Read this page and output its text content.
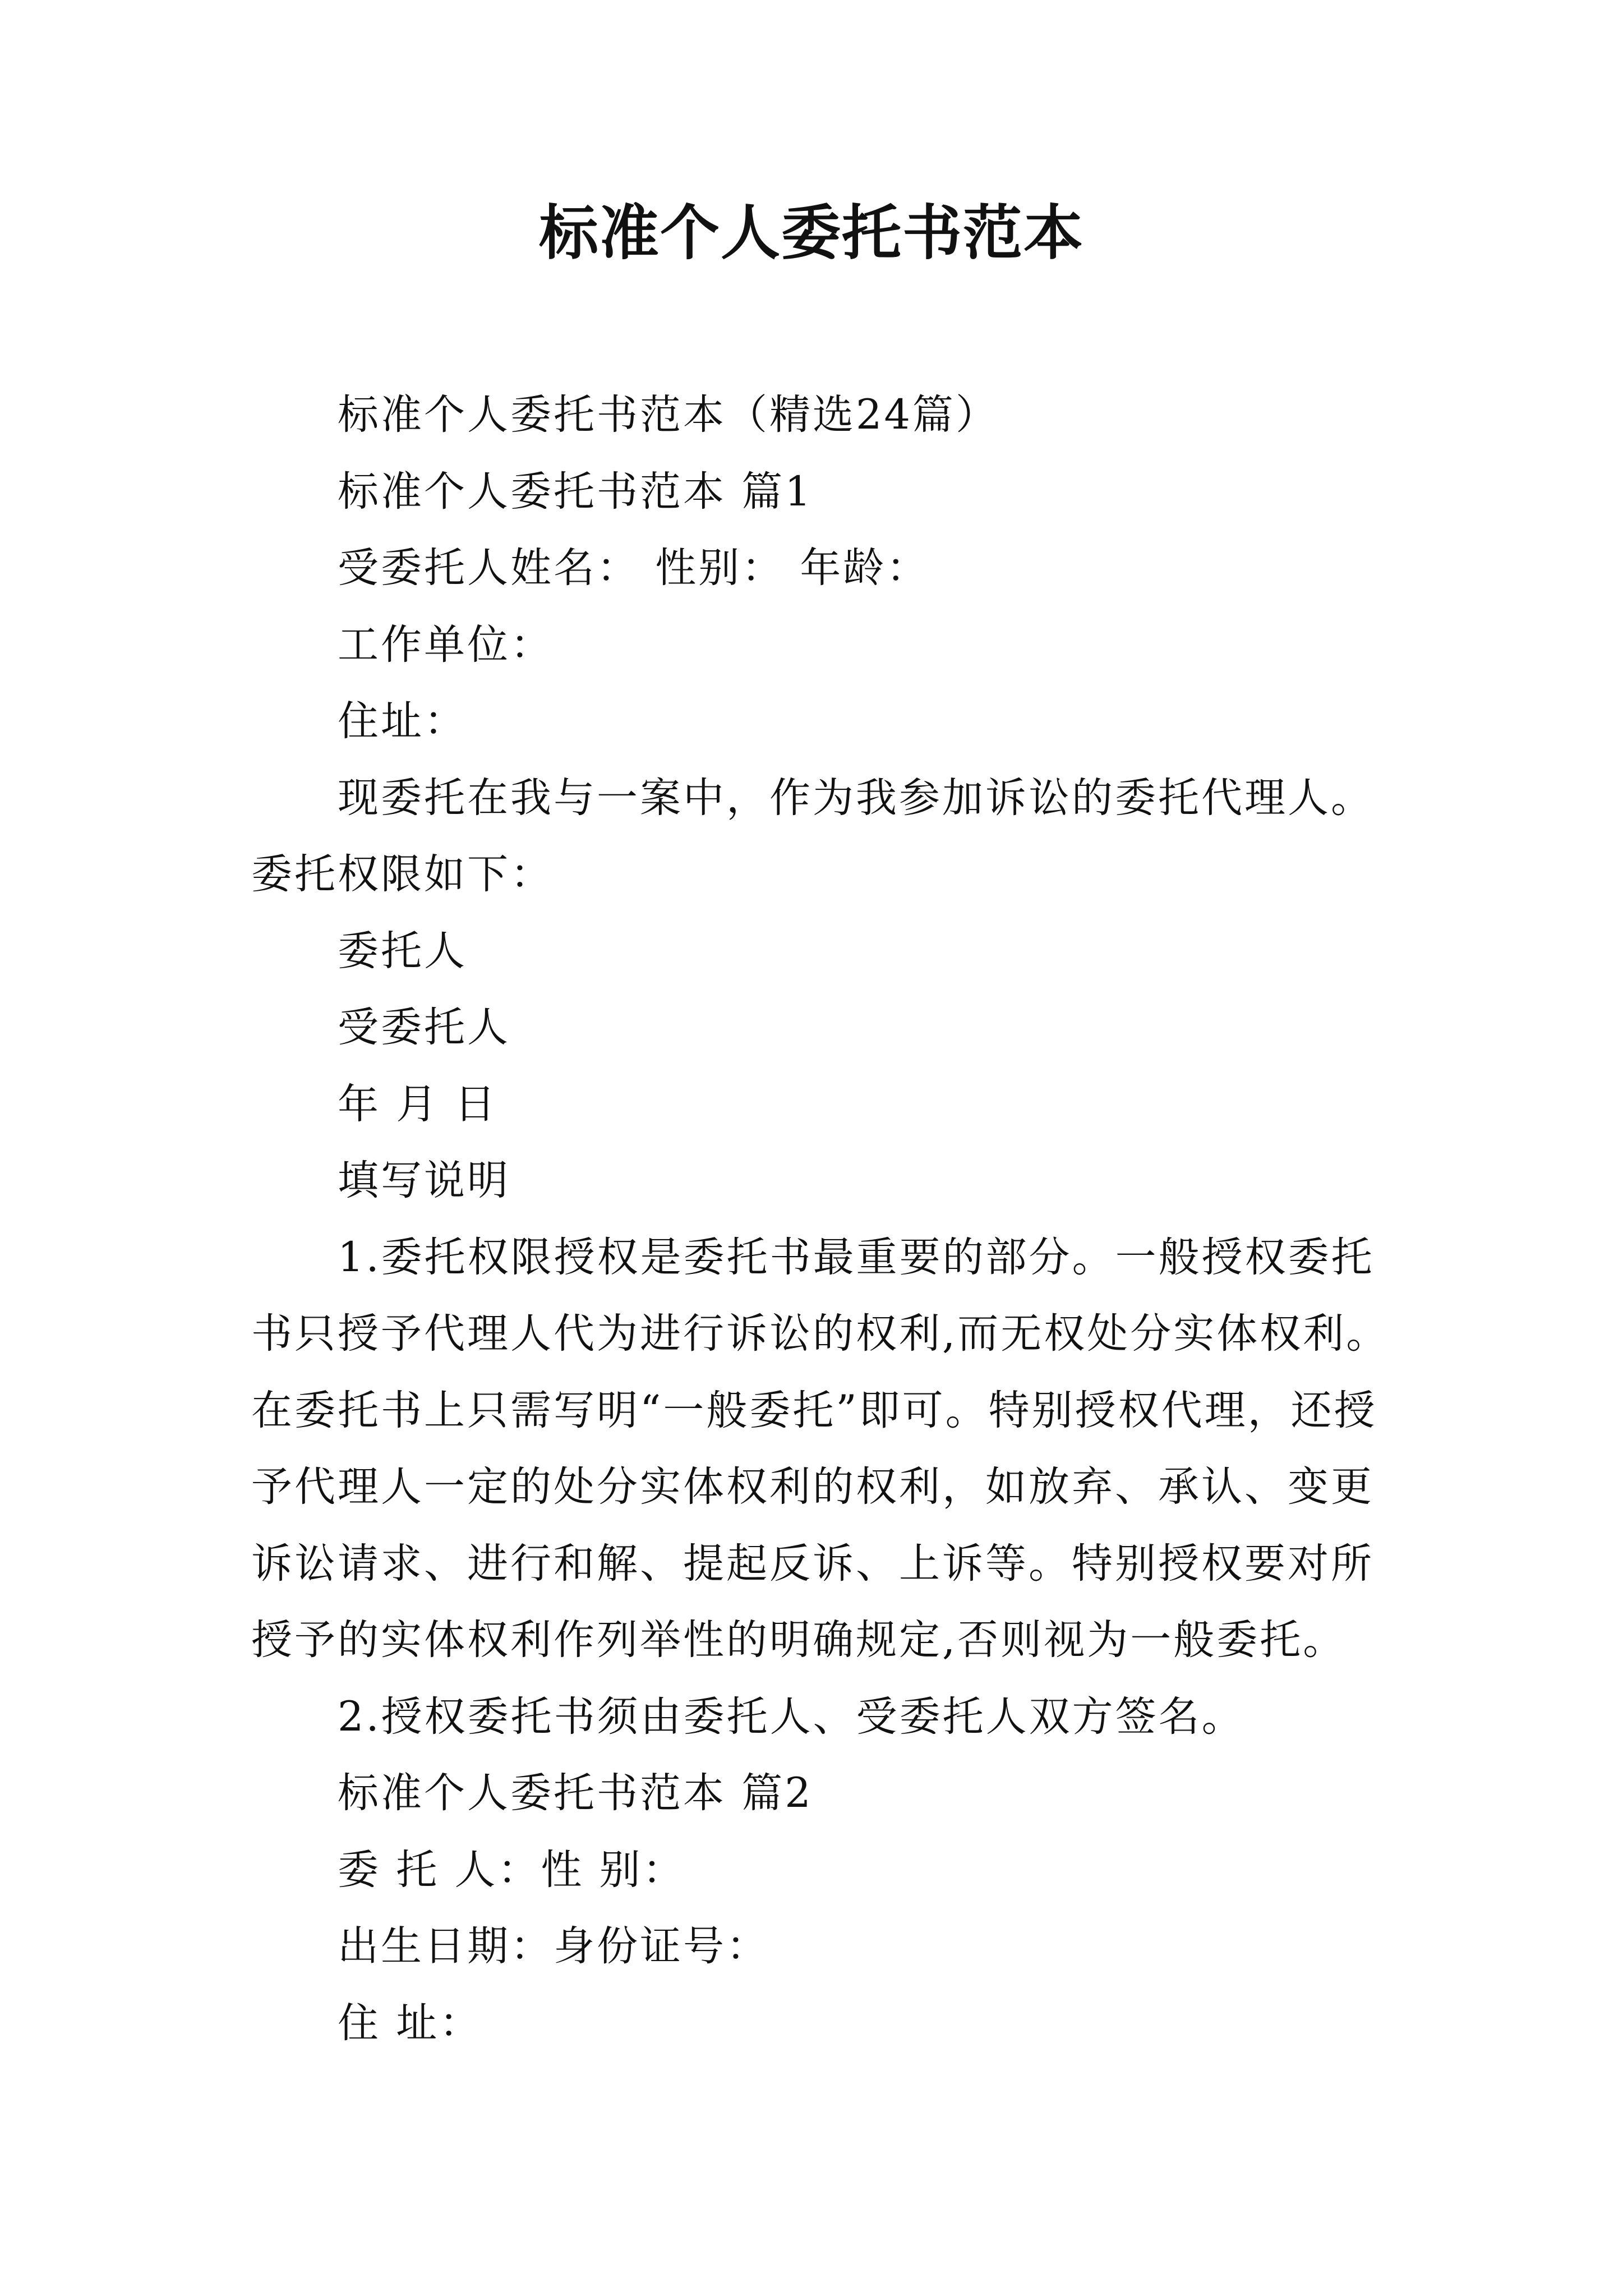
标准个人委托书范本

标准个人委托书范本（精选24篇）

标准个人委托书范本 篇1

受委托人姓名： 性别： 年龄：

工作单位：

住址：

现委托在我与一案中，作为我参加诉讼的委托代理人。委托权限如下：

委托人

受委托人

年 月 日

填写说明

1.委托权限授权是委托书最重要的部分。一般授权委托书只授予代理人代为进行诉讼的权利,而无权处分实体权利。在委托书上只需写明“一般委托”即可。特别授权代理，还授予代理人一定的处分实体权利的权利，如放弃、承认、变更诉讼请求、进行和解、提起反诉、上诉等。特别授权要对所授予的实体权利作列举性的明确规定,否则视为一般委托。

2.授权委托书须由委托人、受委托人双方签名。

标准个人委托书范本 篇2

委 托 人：性 别：

出生日期：身份证号：

住 址：
